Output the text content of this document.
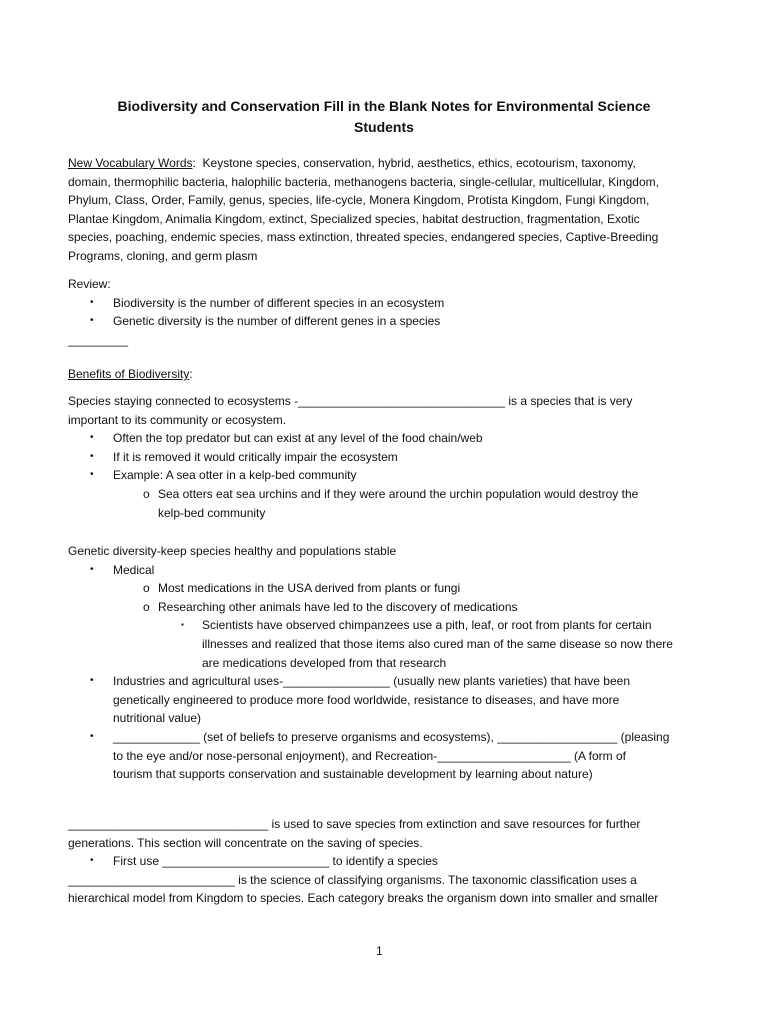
Biodiversity and Conservation Fill in the Blank Notes for Environmental Science
Students
New Vocabulary Words:  Keystone species, conservation, hybrid, aesthetics, ethics, ecotourism, taxonomy,
domain, thermophilic bacteria, halophilic bacteria, methanogens bacteria, single-cellular, multicellular, Kingdom,
Phylum, Class, Order, Family, genus, species, life-cycle, Monera Kingdom, Protista Kingdom, Fungi Kingdom,
Plantae Kingdom, Animalia Kingdom, extinct, Specialized species, habitat destruction, fragmentation, Exotic
species, poaching, endemic species, mass extinction, threated species, endangered species, Captive-Breeding
Programs, cloning, and germ plasm
Review:
• Biodiversity is the number of different species in an ecosystem
• Genetic diversity is the number of different genes in a species
_________
Benefits of Biodiversity:
Species staying connected to ecosystems -_______________________________ is a species that is very
important to its community or ecosystem.
• Often the top predator but can exist at any level of the food chain/web
• If it is removed it would critically impair the ecosystem
• Example: A sea otter in a kelp-bed community
o Sea otters eat sea urchins and if they were around the urchin population would destroy the
kelp-bed community
Genetic diversity-keep species healthy and populations stable
• Medical
o Most medications in the USA derived from plants or fungi
o Researching other animals have led to the discovery of medications
▪ Scientists have observed chimpanzees use a pith, leaf, or root from plants for certain
illnesses and realized that those items also cured man of the same disease so now there
are medications developed from that research
• Industries and agricultural uses-________________ (usually new plants varieties) that have been
genetically engineered to produce more food worldwide, resistance to diseases, and have more
nutritional value)
• _____________ (set of beliefs to preserve organisms and ecosystems), __________________ (pleasing
to the eye and/or nose-personal enjoyment), and Recreation-____________________ (A form of
tourism that supports conservation and sustainable development by learning about nature)
______________________________ is used to save species from extinction and save resources for further
generations. This section will concentrate on the saving of species.
• First use _________________________ to identify a species
_________________________ is the science of classifying organisms. The taxonomic classification uses a
hierarchical model from Kingdom to species. Each category breaks the organism down into smaller and smaller
1
